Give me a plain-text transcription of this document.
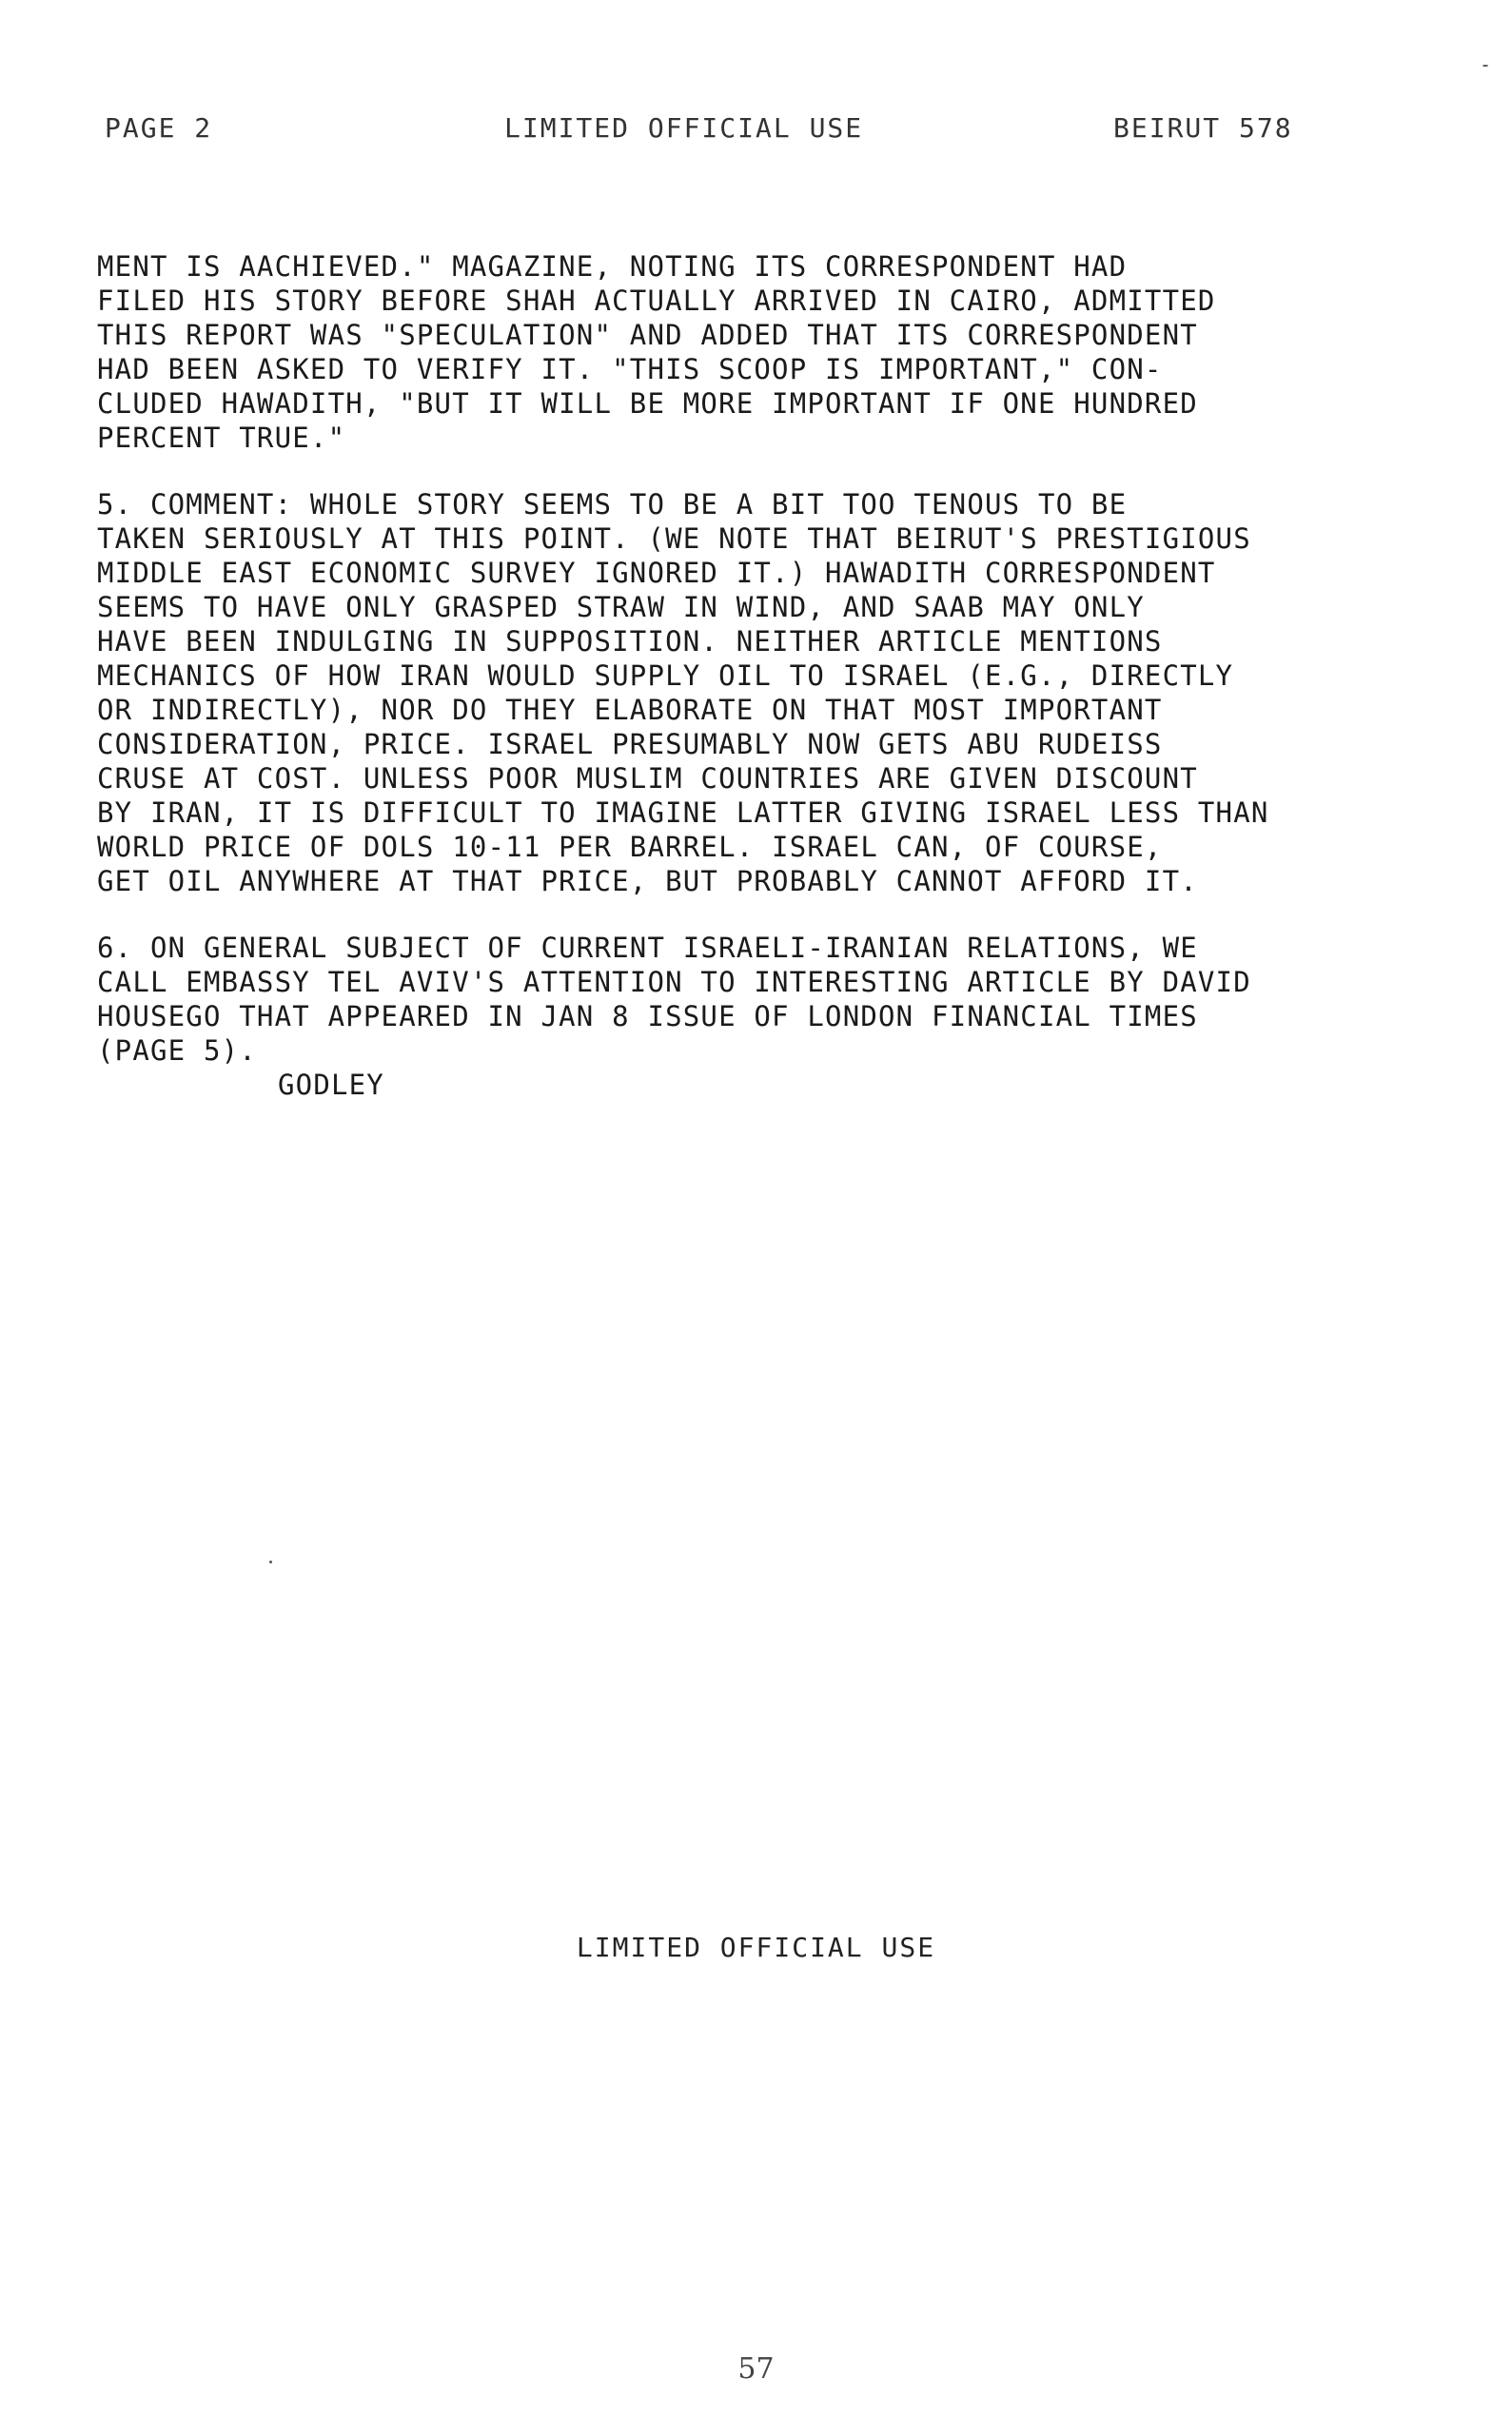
PAGE 2	LIMITED OFFICIAL USE	BEIRUT 578
MENT IS AACHIEVED." MAGAZINE, NOTING ITS CORRESPONDENT HAD
FILED HIS STORY BEFORE SHAH ACTUALLY ARRIVED IN CAIRO, ADMITTED
THIS REPORT WAS "SPECULATION" AND ADDED THAT ITS CORRESPONDENT
HAD BEEN ASKED TO VERIFY IT. "THIS SCOOP IS IMPORTANT," CON-
CLUDED HAWADITH, "BUT IT WILL BE MORE IMPORTANT IF ONE HUNDRED
PERCENT TRUE."
5. COMMENT: WHOLE STORY SEEMS TO BE A BIT TOO TENOUS TO BE
TAKEN SERIOUSLY AT THIS POINT. (WE NOTE THAT BEIRUT'S PRESTIGIOUS
MIDDLE EAST ECONOMIC SURVEY IGNORED IT.) HAWADITH CORRESPONDENT
SEEMS TO HAVE ONLY GRASPED STRAW IN WIND, AND SAAB MAY ONLY
HAVE BEEN INDULGING IN SUPPOSITION. NEITHER ARTICLE MENTIONS
MECHANICS OF HOW IRAN WOULD SUPPLY OIL TO ISRAEL (E.G., DIRECTLY
OR INDIRECTLY), NOR DO THEY ELABORATE ON THAT MOST IMPORTANT
CONSIDERATION, PRICE. ISRAEL PRESUMABLY NOW GETS ABU RUDEISS
CRUSE AT COST. UNLESS POOR MUSLIM COUNTRIES ARE GIVEN DISCOUNT
BY IRAN, IT IS DIFFICULT TO IMAGINE LATTER GIVING ISRAEL LESS THAN
WORLD PRICE OF DOLS 10-11 PER BARREL. ISRAEL CAN, OF COURSE,
GET OIL ANYWHERE AT THAT PRICE, BUT PROBABLY CANNOT AFFORD IT.
6. ON GENERAL SUBJECT OF CURRENT ISRAELI-IRANIAN RELATIONS, WE
CALL EMBASSY TEL AVIV'S ATTENTION TO INTERESTING ARTICLE BY DAVID
HOUSEGO THAT APPEARED IN JAN 8 ISSUE OF LONDON FINANCIAL TIMES
(PAGE 5).
GODLEY
LIMITED OFFICIAL USE
57
